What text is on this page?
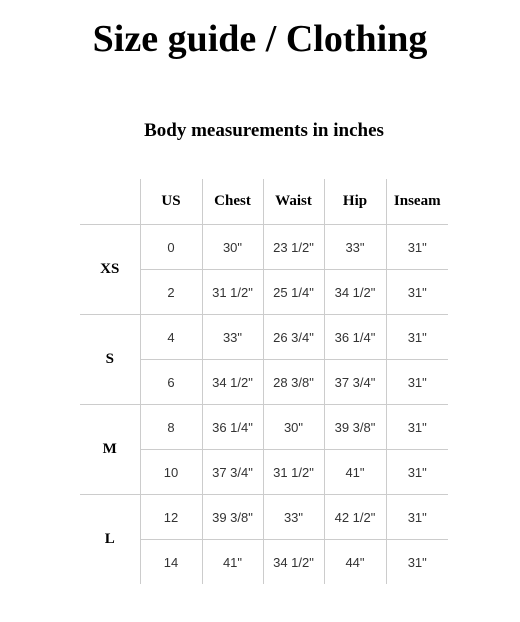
Size guide / Clothing
Body measurements in inches
	US	Chest	Waist	Hip	Inseam
XS	0	30"	23 1/2"	33"	31"
	2	31 1/2"	25 1/4"	34 1/2"	31"
S	4	33"	26 3/4"	36 1/4"	31"
	6	34 1/2"	28 3/8"	37 3/4"	31"
M	8	36 1/4"	30"	39 3/8"	31"
	10	37 3/4"	31 1/2"	41"	31"
L	12	39 3/8"	33"	42 1/2"	31"
	14	41"	34 1/2"	44"	31"
